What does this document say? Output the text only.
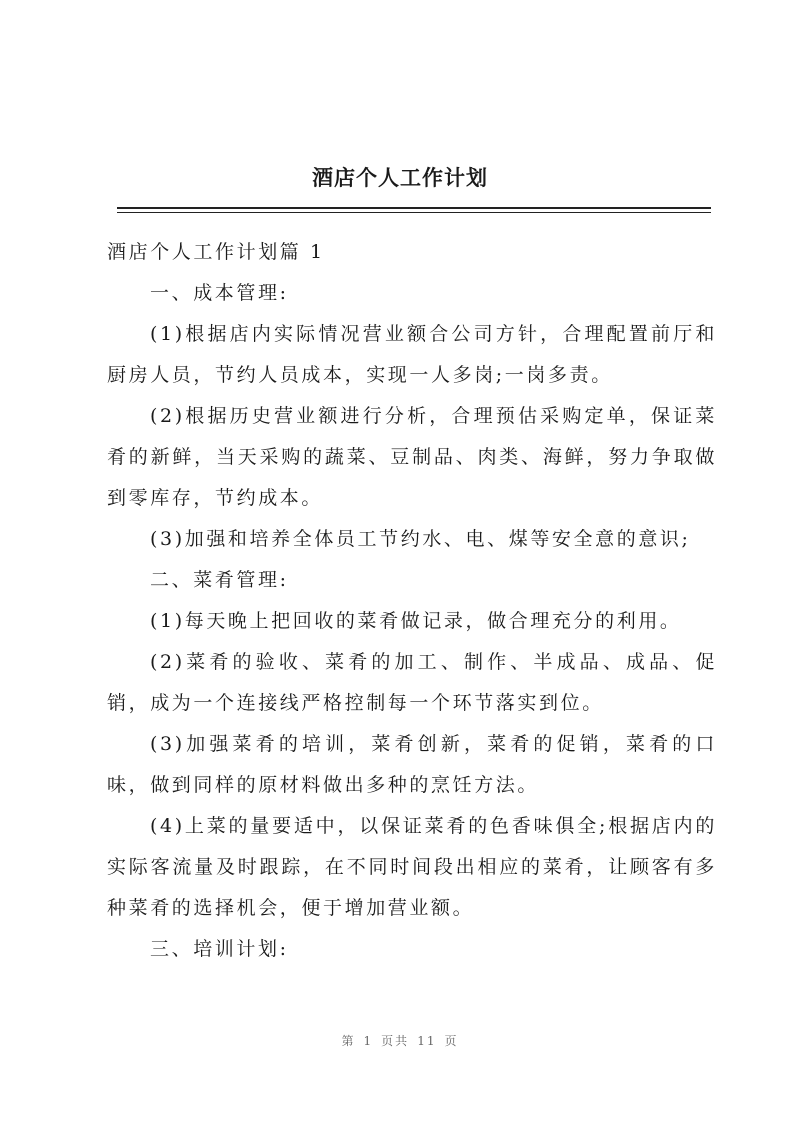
酒店个人工作计划

酒店个人工作计划篇 1

一、成本管理:

(1)根据店内实际情况营业额合公司方针，合理配置前厅和厨房人员，节约人员成本，实现一人多岗;一岗多责。

(2)根据历史营业额进行分析，合理预估采购定单，保证菜肴的新鲜，当天采购的蔬菜、豆制品、肉类、海鲜，努力争取做到零库存，节约成本。

(3)加强和培养全体员工节约水、电、煤等安全意的意识;

二、菜肴管理:

(1)每天晚上把回收的菜肴做记录，做合理充分的利用。

(2)菜肴的验收、菜肴的加工、制作、半成品、成品、促销，成为一个连接线严格控制每一个环节落实到位。

(3)加强菜肴的培训，菜肴创新，菜肴的促销，菜肴的口味，做到同样的原材料做出多种的烹饪方法。

(4)上菜的量要适中，以保证菜肴的色香味俱全;根据店内的实际客流量及时跟踪，在不同时间段出相应的菜肴，让顾客有多种菜肴的选择机会，便于增加营业额。

三、培训计划:

第 1 页共 11 页
